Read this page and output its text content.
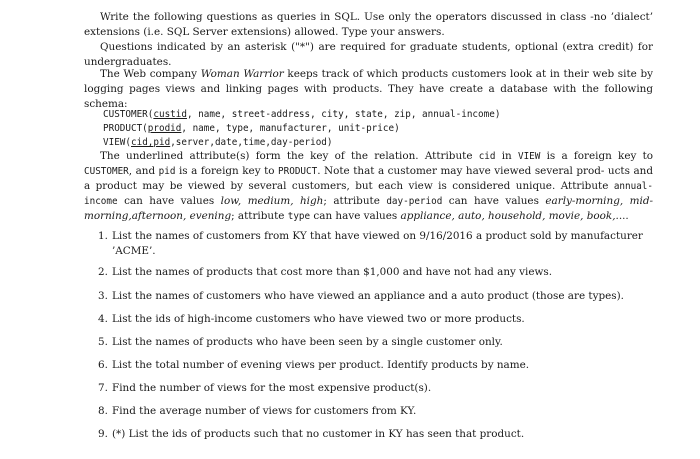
Write the following questions as queries in SQL. Use only the operators discussed in class -no ’dialect’ extensions (i.e. SQL Server extensions) allowed. Type your answers.

Questions indicated by an asterisk ("*") are required for graduate students, optional (extra credit) for undergraduates.

The Web company Woman Warrior keeps track of which products customers look at in their web site by logging pages views and linking pages with products. They have create a database with the following schema:

CUSTOMER(custid, name, street-address, city, state, zip, annual-income)
PRODUCT(prodid, name, type, manufacturer, unit-price)
VIEW(cid,pid,server,date,time,day-period)

The underlined attribute(s) form the key of the relation. Attribute cid in VIEW is a foreign key to CUSTOMER, and pid is a foreign key to PRODUCT. Note that a customer may have viewed several prod- ucts and a product may be viewed by several customers, but each view is considered unique. Attribute annual-income can have values low, medium, high; attribute day-period can have values early-morning, mid-morning,afternoon, evening; attribute type can have values appliance, auto, household, movie, book,....

1. List the names of customers from KY that have viewed on 9/16/2016 a product sold by manufacturer
’ACME’.
2. List the names of products that cost more than $1,000 and have not had any views.
3. List the names of customers who have viewed an appliance and a auto product (those are types).
4. List the ids of high-income customers who have viewed two or more products.
5. List the names of products who have been seen by a single customer only.
6. List the total number of evening views per product. Identify products by name.
7. Find the number of views for the most expensive product(s).
8. Find the average number of views for customers from KY.
9. (*) List the ids of products such that no customer in KY has seen that product.
